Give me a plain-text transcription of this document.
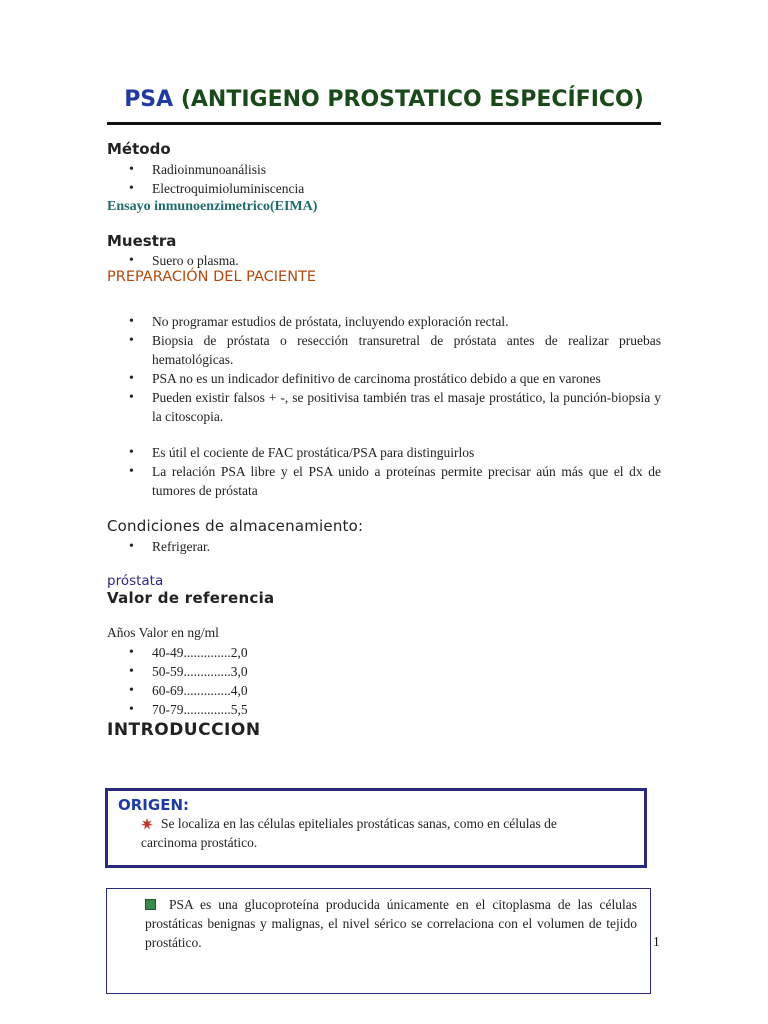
PSA (ANTIGENO PROSTATICO ESPECÍFICO)
Método
• Radioinmunoanálisis
• Electroquimioluminiscencia
Ensayo inmunoenzimetrico(EIMA)
Muestra
• Suero o plasma.
PREPARACIÓN DEL PACIENTE
• No programar estudios de próstata, incluyendo exploración rectal.
• Biopsia de próstata o resección transuretral de próstata antes de realizar pruebas hematológicas.
• PSA no es un indicador definitivo de carcinoma prostático debido a que en varones
• Pueden existir falsos + -, se positivisa también tras el masaje prostático, la punción-biopsia y la citoscopia.
• Es útil el cociente de FAC prostática/PSA para distinguirlos
• La relación PSA libre y el PSA unido a proteínas permite precisar aún más que el dx de tumores de próstata
Condiciones de almacenamiento:
• Refrigerar.
próstata
Valor de referencia
Años Valor en ng/ml
• 40-49..............2,0
• 50-59..............3,0
• 60-69..............4,0
• 70-79..............5,5
INTRODUCCION
ORIGEN:
Se localiza en las células epiteliales prostáticas sanas, como en células de carcinoma prostático.
PSA es una glucoproteína producida únicamente en el citoplasma de las células prostáticas benignas y malignas, el nivel sérico se correlaciona con el volumen de tejido prostático.	1
